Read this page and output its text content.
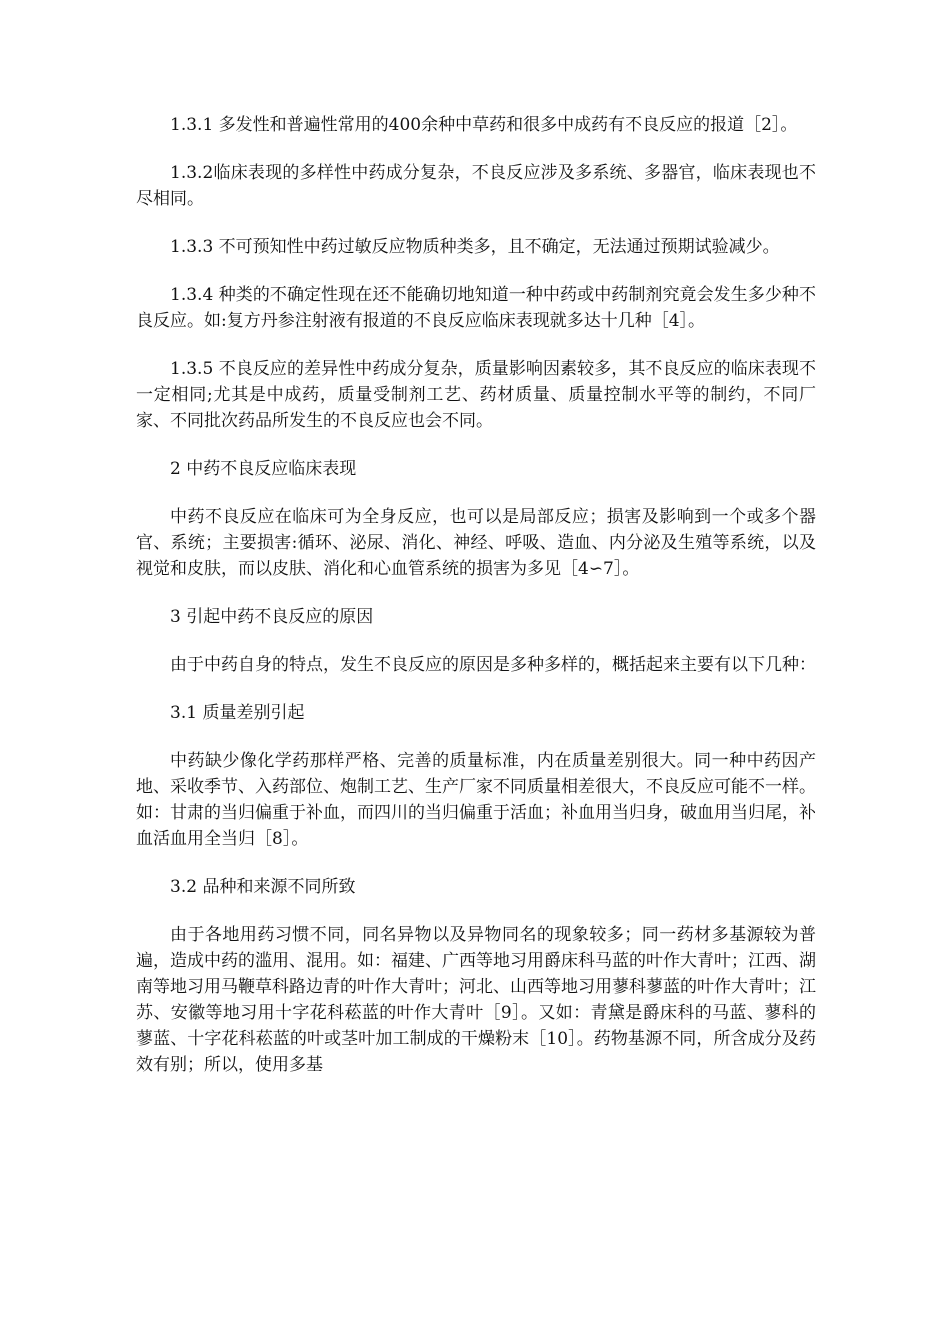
1.3.1 多发性和普遍性常用的400余种中草药和很多中成药有不良反应的报道［2］。

1.3.2临床表现的多样性中药成分复杂，不良反应涉及多系统、多器官，临床表现也不尽相同。

1.3.3 不可预知性中药过敏反应物质种类多，且不确定，无法通过预期试验减少。

1.3.4 种类的不确定性现在还不能确切地知道一种中药或中药制剂究竟会发生多少种不良反应。如:复方丹参注射液有报道的不良反应临床表现就多达十几种［4］。

1.3.5 不良反应的差异性中药成分复杂，质量影响因素较多，其不良反应的临床表现不一定相同;尤其是中成药，质量受制剂工艺、药材质量、质量控制水平等的制约，不同厂家、不同批次药品所发生的不良反应也会不同。

2 中药不良反应临床表现

中药不良反应在临床可为全身反应，也可以是局部反应；损害及影响到一个或多个器官、系统；主要损害:循环、泌尿、消化、神经、呼吸、造血、内分泌及生殖等系统，以及视觉和皮肤，而以皮肤、消化和心血管系统的损害为多见［4∽7］。

3 引起中药不良反应的原因

由于中药自身的特点，发生不良反应的原因是多种多样的，概括起来主要有以下几种：

3.1 质量差别引起

中药缺少像化学药那样严格、完善的质量标准，内在质量差别很大。同一种中药因产地、采收季节、入药部位、炮制工艺、生产厂家不同质量相差很大，不良反应可能不一样。如：甘肃的当归偏重于补血，而四川的当归偏重于活血；补血用当归身，破血用当归尾，补血活血用全当归［8］。

3.2 品种和来源不同所致

由于各地用药习惯不同，同名异物以及异物同名的现象较多；同一药材多基源较为普遍，造成中药的滥用、混用。如：福建、广西等地习用爵床科马蓝的叶作大青叶；江西、湖南等地习用马鞭草科路边青的叶作大青叶；河北、山西等地习用蓼科蓼蓝的叶作大青叶；江苏、安徽等地习用十字花科菘蓝的叶作大青叶［9］。又如：青黛是爵床科的马蓝、蓼科的蓼蓝、十字花科菘蓝的叶或茎叶加工制成的干燥粉末［10］。药物基源不同，所含成分及药效有别；所以，使用多基
